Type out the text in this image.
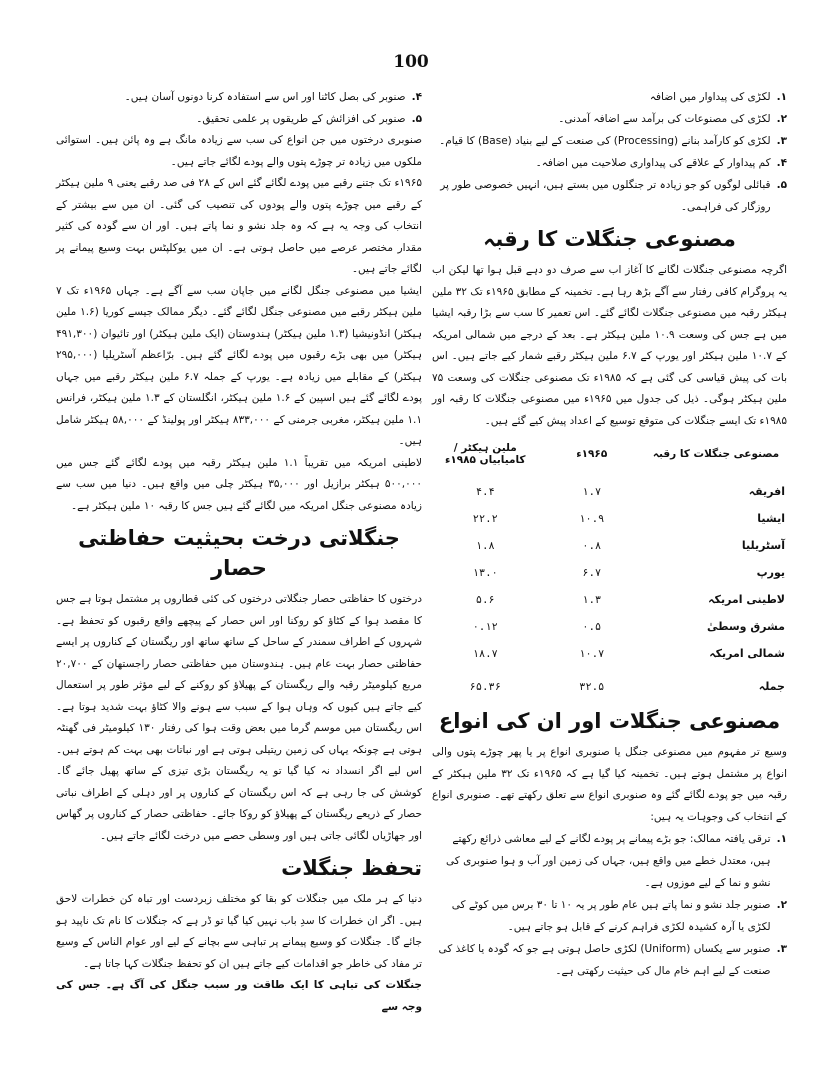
100
۱.
لکڑی کی پیداوار میں اضافہ
۲.
لکڑی کی مصنوعات کی برآمد سے اضافہ آمدنی۔
۳.
لکڑی کو کارآمد بنانے (Processing) کی صنعت کے لیے بنیاد (Base) کا قیام۔
۴.
کم پیداوار کے علاقے کی پیداواری صلاحیت میں اضافہ۔
۵.
قبائلی لوگوں کو جو زیادہ تر جنگلوں میں بستے ہیں، انہیں خصوصی طور پر روزگار کی فراہمی۔
مصنوعی جنگلات کا رقبہ

اگرچہ مصنوعی جنگلات لگانے کا آغاز اب سے صرف دو دہے قبل ہوا تھا لیکن اب یہ پروگرام کافی رفتار سے آگے بڑھ رہا ہے۔ تخمینہ کے مطابق ۱۹۶۵ء تک ۳۲ ملین ہیکٹر رقبہ میں مصنوعی جنگلات لگائے گئے۔ اس تعمیر کا سب سے بڑا رقبہ ایشیا میں ہے جس کی وسعت ۱۰.۹ ملین ہیکٹر ہے۔ بعد کے درجے میں شمالی امریکہ کے ۱۰.۷ ملین ہیکٹر اور یورپ کے ۶.۷ ملین ہیکٹر رقبے شمار کیے جاتے ہیں۔ اس بات کی پیش قیاسی کی گئی ہے کہ ۱۹۸۵ء تک مصنوعی جنگلات کی وسعت ۷۵ ملین ہیکٹر ہوگی۔ ذیل کی جدول میں ۱۹۶۵ء میں مصنوعی جنگلات کا رقبہ اور ۱۹۸۵ء تک ایسے جنگلات کی متوقع توسیع کے اعداد پیش کیے گئے ہیں۔

مصنوعی جنگلات کا رقبہ	۱۹۶۵ء	ملین ہیکٹر / کامیابیاں ۱۹۸۵ء
افریقہ	۱.۷	۴.۴
ایشیا	۱۰.۹	۲۲.۲
آسٹریلیا	۰.۸	۱.۸
یورپ	۶.۷	۱۳.۰
لاطینی امریکہ	۱.۳	۵.۶
مشرق وسطیٰ	۰.۵	۰.۱۲
شمالی امریکہ	۱۰.۷	۱۸.۷
جملہ	۳۲.۵	۶۵.۳۶
مصنوعی جنگلات اور ان کی انواع

وسیع تر مفہوم میں مصنوعی جنگل یا صنوبری انواع پر یا پھر چوڑے پتوں والی انواع پر مشتمل ہوتے ہیں۔ تخمینہ کیا گیا ہے کہ ۱۹۶۵ء تک ۳۲ ملین ہیکٹر کے رقبہ میں جو پودے لگائے گئے وہ صنوبری انواع سے تعلق رکھتے تھے۔ صنوبری انواع کے انتخاب کی وجوہات یہ ہیں:

۱.
ترقی یافتہ ممالک: جو بڑے پیمانے پر پودے لگانے کے لیے معاشی ذرائع رکھتے ہیں، معتدل خطے میں واقع ہیں، جہاں کی زمین اور آب و ہوا صنوبری کی نشو و نما کے لیے موزوں ہے۔
۲.
صنوبر جلد نشو و نما پاتے ہیں عام طور پر یہ ۱۰ تا ۳۰ برس میں کوٹے کی لکڑی یا آرہ کشیدہ لکڑی فراہم کرنے کے قابل ہو جاتے ہیں۔
۳.
صنوبر سے یکساں (Uniform) لکڑی حاصل ہوتی ہے جو کہ گودہ یا کاغذ کی صنعت کے لیے اہم خام مال کی حیثیت رکھتی ہے۔
۴.
صنوبر کی بصل کاٹنا اور اس سے استفادہ کرنا دونوں آسان ہیں۔
۵.
صنوبر کی افزائش کے طریقوں پر علمی تحقیق۔

صنوبری درختوں میں جن انواع کی سب سے زیادہ مانگ ہے وہ پائن ہیں۔ استوائی ملکوں میں زیادہ تر چوڑے پتوں والے پودے لگائے جاتے ہیں۔

۱۹۶۵ء تک جتنے رقبے میں پودے لگائے گئے اس کے ۲۸ فی صد رقبے یعنی ۹ ملین ہیکٹر کے رقبے میں چوڑے پتوں والے پودوں کی تنصیب کی گئی۔ ان میں سے بیشتر کے انتخاب کی وجہ یہ ہے کہ وہ جلد نشو و نما پاتے ہیں۔ اور ان سے گودہ کی کثیر مقدار مختصر عرصے میں حاصل ہوتی ہے۔ ان میں یوکلپٹس بہت وسیع پیمانے پر لگائے جاتے ہیں۔

ایشیا میں مصنوعی جنگل لگانے میں جاپان سب سے آگے ہے۔ جہاں ۱۹۶۵ء تک ۷ ملین ہیکٹر رقبے میں مصنوعی جنگل لگائے گئے۔ دیگر ممالک جیسے کوریا (۱.۶ ملین ہیکٹر) انڈونیشیا (۱.۳ ملین ہیکٹر) ہندوستان (ایک ملین ہیکٹر) اور تائیوان (۴۹۱,۳۰۰ ہیکٹر) میں بھی بڑے رقبوں میں پودے لگائے گئے ہیں۔ برّاعظم آسٹریلیا (۲۹۵,۰۰۰ ہیکٹر) کے مقابلے میں زیادہ ہے۔ یورپ کے جملہ ۶.۷ ملین ہیکٹر رقبے میں جہاں پودے لگائے گئے ہیں اسپین کے ۱.۶ ملین ہیکٹر، انگلستان کے ۱.۳ ملین ہیکٹر، فرانس ۱.۱ ملین ہیکٹر، مغربی جرمنی کے ۸۳۳,۰۰۰ ہیکٹر اور پولینڈ کے ۵۸,۰۰۰ ہیکٹر شامل ہیں۔

لاطینی امریکہ میں تقریباً ۱.۱ ملین ہیکٹر رقبہ میں پودے لگائے گئے جس میں ۵۰۰,۰۰۰ ہیکٹر برازیل اور ۳۵,۰۰۰ ہیکٹر چلی میں واقع ہیں۔ دنیا میں سب سے زیادہ مصنوعی جنگل امریکہ میں لگائے گئے ہیں جس کا رقبہ ۱۰ ملین ہیکٹر ہے۔

جنگلاتی درخت بحیثیت حفاظتی حصار

درختوں کا حفاظتی حصار جنگلاتی درختوں کی کئی قطاروں پر مشتمل ہوتا ہے جس کا مقصد ہوا کے کٹاؤ کو روکنا اور اس حصار کے پیچھے واقع رقبوں کو تحفظ ہے۔ شہروں کے اطراف سمندر کے ساحل کے ساتھ ساتھ اور ریگستان کے کناروں پر ایسے حفاظتی حصار بہت عام ہیں۔ ہندوستان میں حفاظتی حصار راجستھان کے ۲۰,۷۰۰ مربع کیلومیٹر رقبہ والے ریگستان کے پھیلاؤ کو روکنے کے لیے مؤثر طور پر استعمال کیے جاتے ہیں کیوں کہ وہاں ہوا کے سبب سے ہونے والا کٹاؤ بہت شدید ہوتا ہے۔ اس ریگستان میں موسم گرما میں بعض وقت ہوا کی رفتار ۱۳۰ کیلومیٹر فی گھنٹہ ہوتی ہے چونکہ یہاں کی زمین ریتیلی ہوتی ہے اور نباتات بھی بہت کم ہوتے ہیں۔ اس لیے اگر انسداد نہ کیا گیا تو یہ ریگستان بڑی تیزی کے ساتھ پھیل جائے گا۔ کوشش کی جا رہی ہے کہ اس ریگستان کے کناروں پر اور دہلی کے اطراف نباتی حصار کے ذریعے ریگستان کے پھیلاؤ کو روکا جائے۔ حفاظتی حصار کے کناروں پر گھاس اور جھاڑیاں لگائی جاتی ہیں اور وسطی حصے میں درخت لگائے جاتے ہیں۔

تحفظ جنگلات

دنیا کے ہر ملک میں جنگلات کو بقا کو مختلف زبردست اور تباہ کن خطرات لاحق ہیں۔ اگر ان خطرات کا سدِ باب نہیں کیا گیا تو ڈر ہے کہ جنگلات کا نام تک ناپید ہو جائے گا۔ جنگلات کو وسیع پیمانے پر تباہی سے بچانے کے لیے اور عوام الناس کے وسیع تر مفاد کی خاطر جو اقدامات کیے جاتے ہیں ان کو تحفظ جنگلات کہا جاتا ہے۔

جنگلات کی تباہی کا ایک طاقت ور سبب جنگل کی آگ ہے۔ جس کی وجہ سے
